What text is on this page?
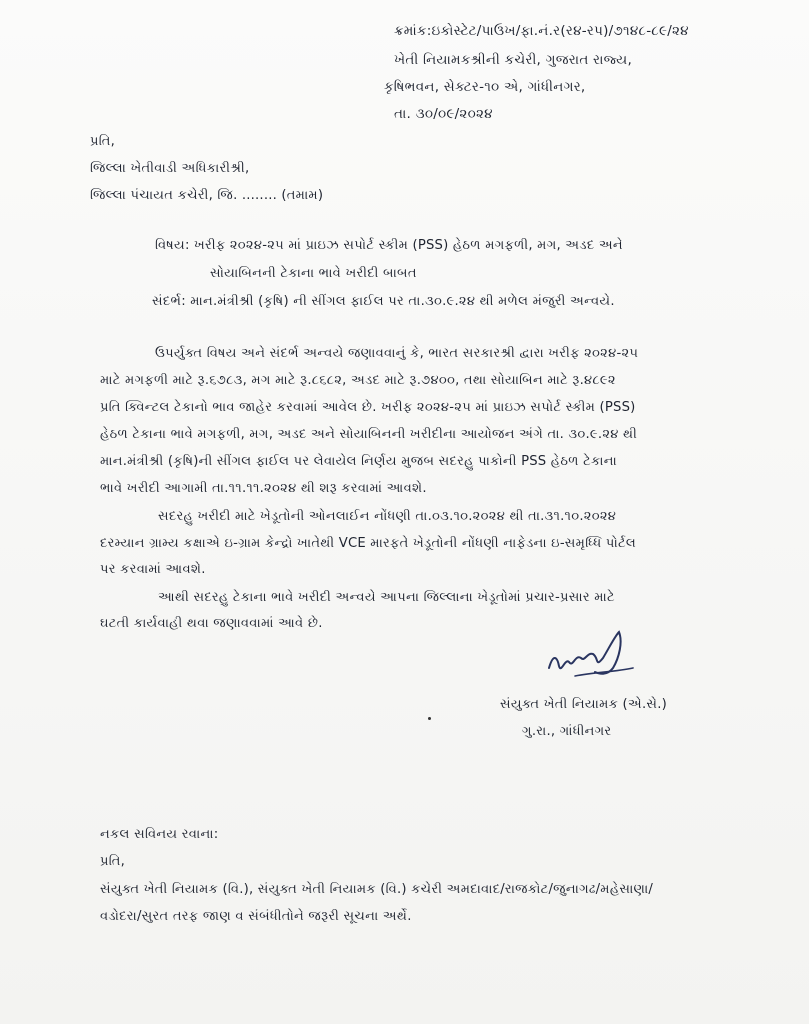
ક્રમાંક:ઇકોસ્ટેટ/પાઉખ/ફા.નં.ર(ર૪-રપ)/૭૧૪૮-૮૯/૨૪
ખેતી નિયામકશ્રીની કચેરી, ગુજરાત રાજ્ય,
કૃષિભવન, સેક્ટર-૧૦ એ, ગાંધીનગર,
તા. ૩૦/૦૯/૨૦૨૪
પ્રતિ,
જિલ્લા ખેતીવાડી અધિકારીશ્રી,
જિલ્લા પંચાયત કચેરી, જિ. ........ (તમામ)
વિષય: ખરીફ ૨૦૨૪-૨૫ માં પ્રાઇઝ સપોર્ટ સ્કીમ (PSS) હેઠળ મગફળી, મગ, અડદ અને
સોયાબિનની ટેકાના ભાવે ખરીદી બાબત
સંદર્ભ: માન.મંત્રીશ્રી (કૃષિ) ની સીંગલ ફાઈલ પર તા.૩૦.૯.૨૪ થી મળેલ મંજુરી અન્વયે.
ઉપર્યુક્ત વિષય અને સંદર્ભ અન્વયે જણાવવાનું કે, ભારત સરકારશ્રી દ્વારા ખરીફ ૨૦૨૪-૨૫
માટે મગફળી માટે રૂ.૬૭૮૩, મગ માટે રૂ.૮૬૮૨, અડદ માટે રૂ.૭૪૦૦, તથા સોયાબિન માટે રૂ.૪૮૯૨
પ્રતિ ક્વિન્ટલ ટેકાનો ભાવ જાહેર કરવામાં આવેલ છે. ખરીફ ૨૦૨૪-૨૫ માં પ્રાઇઝ સપોર્ટ સ્કીમ (PSS)
હેઠળ ટેકાના ભાવે મગફળી, મગ, અડદ અને સોયાબિનની ખરીદીના આયોજન અંગે તા. ૩૦.૯.૨૪ થી
માન.મંત્રીશ્રી (કૃષિ)ની સીંગલ ફાઈલ પર લેવાયેલ નિર્ણય મુજબ સદરહુ પાકોની PSS હેઠળ ટેકાના
ભાવે ખરીદી આગામી તા.૧૧.૧૧.૨૦૨૪ થી શરૂ કરવામાં આવશે.
સદરહુ ખરીદી માટે ખેડૂતોની ઓનલાઈન નોંધણી તા.૦૩.૧૦.૨૦૨૪ થી તા.૩૧.૧૦.૨૦૨૪
દરમ્યાન ગ્રામ્ય કક્ષાએ ઇ-ગ્રામ કેન્દ્રો ખાતેથી VCE મારફતે ખેડૂતોની નોંધણી નાફેડના ઇ-સમૃધ્ધિ પોર્ટલ
પર કરવામાં આવશે.
આથી સદરહુ ટેકાના ભાવે ખરીદી અન્વયે આપના જિલ્લાના ખેડૂતોમાં પ્રચાર-પ્રસાર માટે
ઘટતી કાર્યવાહી થવા જણાવવામાં આવે છે.
સંયુક્ત ખેતી નિયામક (એ.સે.)
ગુ.રા., ગાંધીનગર
નકલ સવિનય રવાના:
પ્રતિ,
સંયુક્ત ખેતી નિયામક (વિ.), સંયુક્ત ખેતી નિયામક (વિ.) કચેરી અમદાવાદ/રાજકોટ/જુનાગઢ/મહેસાણા/
વડોદરા/સુરત તરફ જાણ વ સંબંધીતોને જરૂરી સૂચના અર્થે.
